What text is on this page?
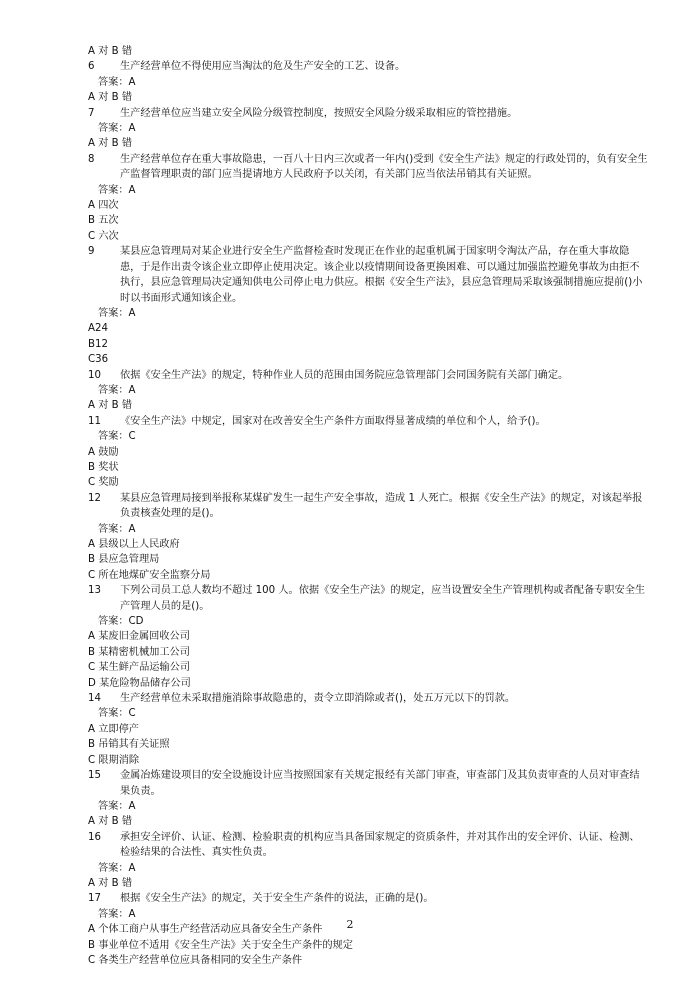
A 对 B 错
6	生产经营单位不得使用应当淘汰的危及生产安全的工艺、设备。
答案：A
A 对 B 错
7	生产经营单位应当建立安全风险分级管控制度，按照安全风险分级采取相应的管控措施。
答案：A
A 对 B 错
8	生产经营单位存在重大事故隐患，一百八十日内三次或者一年内()受到《安全生产法》规定的行政处罚的，负有安全生产监督管理职责的部门应当提请地方人民政府予以关闭，有关部门应当依法吊销其有关证照。
答案：A
A 四次
B 五次
C 六次
9	某县应急管理局对某企业进行安全生产监督检查时发现正在作业的起重机属于国家明令淘汰产品，存在重大事故隐患，于是作出责令该企业立即停止使用决定。该企业以疫情期间设备更换困难、可以通过加强监控避免事故为由拒不执行，县应急管理局决定通知供电公司停止电力供应。根据《安全生产法》，县应急管理局采取该强制措施应提前()小时以书面形式通知该企业。
答案：A
A24
B12
C36
10	依据《安全生产法》的规定，特种作业人员的范围由国务院应急管理部门会同国务院有关部门确定。
答案：A
A 对 B 错
11	《安全生产法》中规定，国家对在改善安全生产条件方面取得显著成绩的单位和个人，给予()。
答案：C
A 鼓励
B 奖状
C 奖励
12	某县应急管理局接到举报称某煤矿发生一起生产安全事故，造成 1 人死亡。根据《安全生产法》的规定，对该起举报负责核查处理的是()。
答案：A
A 县级以上人民政府
B 县应急管理局
C 所在地煤矿安全监察分局
13	下列公司员工总人数均不超过 100 人。依据《安全生产法》的规定，应当设置安全生产管理机构或者配备专职安全生产管理人员的是()。
答案：CD
A 某废旧金属回收公司
B 某精密机械加工公司
C 某生鲜产品运输公司
D 某危险物品储存公司
14	生产经营单位未采取措施消除事故隐患的，责令立即消除或者()，处五万元以下的罚款。
答案：C
A 立即停产
B 吊销其有关证照
C 限期消除
15	金属冶炼建设项目的安全设施设计应当按照国家有关规定报经有关部门审查，审查部门及其负责审查的人员对审查结果负责。
答案：A
A 对 B 错
16	承担安全评价、认证、检测、检验职责的机构应当具备国家规定的资质条件，并对其作出的安全评价、认证、检测、检验结果的合法性、真实性负责。
答案：A
A 对 B 错
17	根据《安全生产法》的规定，关于安全生产条件的说法，正确的是()。
答案：A
A 个体工商户从事生产经营活动应具备安全生产条件
B 事业单位不适用《安全生产法》关于安全生产条件的规定
C 各类生产经营单位应具备相同的安全生产条件
2
